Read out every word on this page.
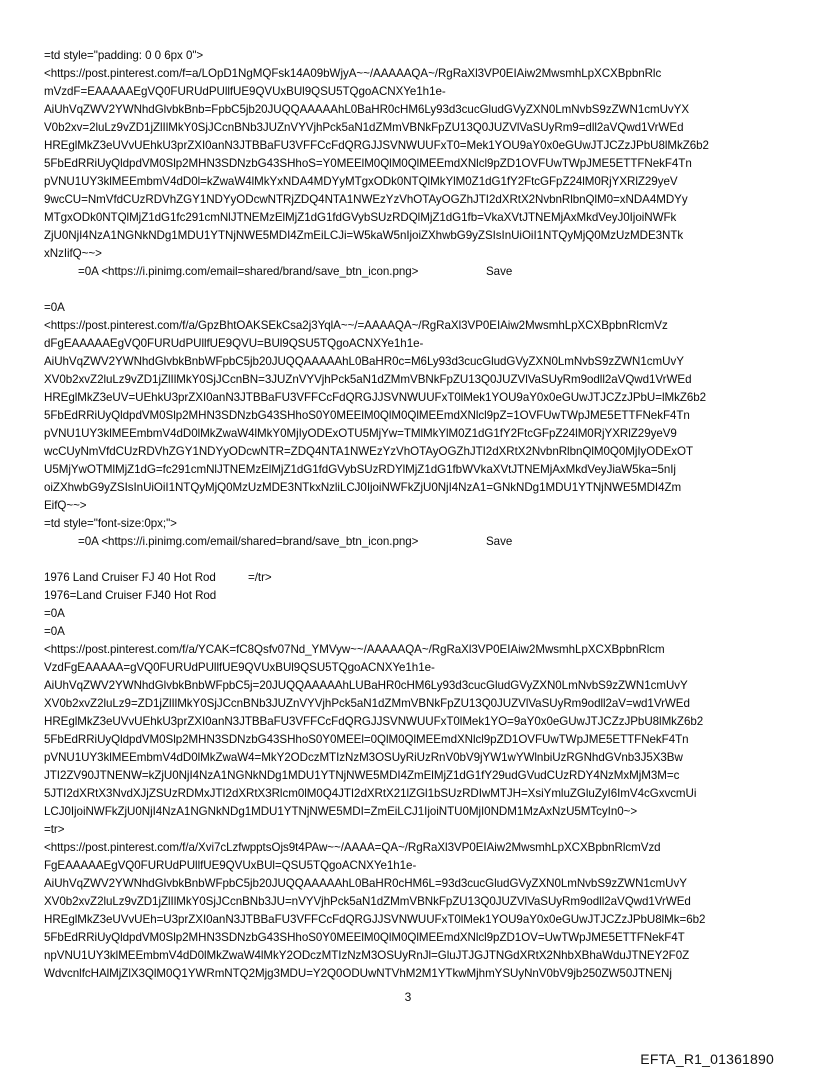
=td style="padding: 0 0 6px 0">
<https://post.pinterest.com/f=a/LOpD1NgMQFsk14A09bWjyA~~/AAAAAQA~/RgRaXl3VP0EIAiw2MwsmhLpXCXBpbnRlc
mVzdF=EAAAAAEgVQ0FURUdPUllfUE9QVUxBUl9QSU5TQgoACNXYe1h1e-
AiUhVqZWV2YWNhdGlvbkBnb=FpbC5jb20JUQQAAAAAhL0BaHR0cHM6Ly93d3cucGludGVyZXN0LmNvbS9zZWN1cmUvYX
V0b2xv=2luLz9vZD1jZlIlMkY0SjJCcnBNb3JUZnVYVjhPck5aN1dZMmVBNkFpZU13Q0JUZVlVaSUyRm9=dll2aVQwd1VrWEd
HREglMkZ3eUVvUEhkU3prZXI0anN3JTBBaFU3VFFCcFdQRGJJSVNWUUFxT0=Mek1YOU9aY0x0eGUwJTJCZzJPbU8lMkZ6b2
5FbEdRRiUyQldpdVM0Slp2MHN3SDNzbG43SHhoS=Y0MEElM0QlM0QlMEEmdXNlcl9pZD1OVFUwTWpJME5ETTFNekF4Tn
pVNU1UY3klMEEmbmV4dD0l=kZwaW4lMkYxNDA4MDYyMTgxODk0NTQlMkYlM0Z1dG1fY2FtcGFpZ24lM0RjYXRlZ29yeV
9wcCU=NmVfdCUzRDVhZGY1NDYyODcwNTRjZDQ4NTA1NWEzYzVhOTAyOGZhJTI2dXRtX2NvbnRlbnQlM0=xNDA4MDYy
MTgxODk0NTQlMjZ1dG1fc291cmNlJTNEMzElMjZ1dG1fdGVybSUzRDQlMjZ1dG1fb=VkaXVtJTNEMjAxMkdVeyJ0IjoiNWFk
ZjU0NjI4NzA1NGNkNDg1MDU1YTNjNWE5MDI4ZmEiLCJi=W5kaW5nIjoiZXhwbG9yZSIsInUiOiI1NTQyMjQ0MzUzMDE3NTk
xNzIifQ~~>
	=0A <https://i.pinimg.com/email=shared/brand/save_btn_icon.png>		Save

=0A
<https://post.pinterest.com/f/a/GpzBhtOAKSEkCsa2j3YqlA~~/=AAAAQA~/RgRaXl3VP0EIAiw2MwsmhLpXCXBpbnRlcmVz
dFgEAAAAAEgVQ0FURUdPUllfUE9QVU=BUl9QSU5TQgoACNXYe1h1e-
AiUhVqZWV2YWNhdGlvbkBnbWFpbC5jb20JUQQAAAAAhL0BaHR0c=M6Ly93d3cucGludGVyZXN0LmNvbS9zZWN1cmUvY
XV0b2xvZ2luLz9vZD1jZlIlMkY0SjJCcnBN=3JUZnVYVjhPck5aN1dZMmVBNkFpZU13Q0JUZVlVaSUyRm9odll2aVQwd1VrWEd
HREglMkZ3eUV=UEhkU3prZXI0anN3JTBBaFU3VFFCcFdQRGJJSVNWUUFxT0lMek1YOU9aY0x0eGUwJTJCZzJPbU=lMkZ6b2
5FbEdRRiUyQldpdVM0Slp2MHN3SDNzbG43SHhoS0Y0MEElM0QlM0QlMEEmdXNlcl9pZ=1OVFUwTWpJME5ETTFNekF4Tn
pVNU1UY3klMEEmbmV4dD0lMkZwaW4lMkY0MjIyODExOTU5MjYw=TMlMkYlM0Z1dG1fY2FtcGFpZ24lM0RjYXRlZ29yeV9
wcCUyNmVfdCUzRDVhZGY1NDYyODcwNTR=ZDQ4NTA1NWEzYzVhOTAyOGZhJTI2dXRtX2NvbnRlbnQlM0Q0MjIyODExOT
U5MjYwOTMlMjZ1dG=fc291cmNlJTNEMzElMjZ1dG1fdGVybSUzRDYlMjZ1dG1fbWVkaXVtJTNEMjAxMkdVeyJiaW5ka=5nIj
oiZXhwbG9yZSIsInUiOiI1NTQyMjQ0MzUzMDE3NTkxNzliLCJ0IjoiNWFkZjU0NjI4NzA1=GNkNDg1MDU1YTNjNWE5MDI4Zm
EifQ~~>
=td style="font-size:0px;">
	=0A <https://i.pinimg.com/email/shared=brand/save_btn_icon.png>		Save

1976 Land Cruiser FJ 40 Hot Rod	=/tr>
1976=Land Cruiser FJ40 Hot Rod
=0A
=0A
<https://post.pinterest.com/f/a/YCAK=fC8Qsfv07Nd_YMVyw~~/AAAAAQA~/RgRaXl3VP0EIAiw2MwsmhLpXCXBpbnRlcm
VzdFgEAAAAA=gVQ0FURUdPUllfUE9QVUxBUl9QSU5TQgoACNXYe1h1e-
AiUhVqZWV2YWNhdGlvbkBnbWFpbC5j=20JUQQAAAAAhLUBaHR0cHM6Ly93d3cucGludGVyZXN0LmNvbS9zZWN1cmUvY
XV0b2xvZ2luLz9=ZD1jZlIlMkY0SjJCcnBNb3JUZnVYVjhPck5aN1dZMmVBNkFpZU13Q0JUZVlVaSUyRm9odll2aV=wd1VrWEd
HREglMkZ3eUVvUEhkU3prZXI0anN3JTBBaFU3VFFCcFdQRGJJSVNWUUFxT0lMek1YO=9aY0x0eGUwJTJCZzJPbU8lMkZ6b2
5FbEdRRiUyQldpdVM0Slp2MHN3SDNzbG43SHhoS0Y0MEEl=0QlM0QlMEEmdXNlcl9pZD1OVFUwTWpJME5ETTFNekF4Tn
pVNU1UY3klMEEmbmV4dD0lMkZwaW4=MkY2ODczMTIzNzM3OSUyRiUzRnV0bV9jYW1wYWlnbiUzRGNhdGVnb3J5X3Bw
JTI2ZV90JTNENW=kZjU0NjI4NzA1NGNkNDg1MDU1YTNjNWE5MDI4ZmElMjZ1dG1fY29udGVudCUzRDY4NzMxMjM3M=c
5JTI2dXRtX3NvdXJjZSUzRDMxJTI2dXRtX3Rlcm0lM0Q4JTI2dXRtX21lZGl1bSUzRDIwMTJH=XsiYmluZGluZyI6ImV4cGxvcmUi
LCJ0IjoiNWFkZjU0NjI4NzA1NGNkNDg1MDU1YTNjNWE5MDI=ZmEiLCJ1IjoiNTU0MjI0NDM1MzAxNzU5MTcyIn0~>
=tr>
<https://post.pinterest.com/f/a/Xvi7cLzfwpptsOjs9t4PAw~~/AAAA=QA~/RgRaXl3VP0EIAiw2MwsmhLpXCXBpbnRlcmVzd
FgEAAAAAEgVQ0FURUdPUllfUE9QVUxBUl=QSU5TQgoACNXYe1h1e-
AiUhVqZWV2YWNhdGlvbkBnbWFpbC5jb20JUQQAAAAAhL0BaHR0cHM6L=93d3cucGludGVyZXN0LmNvbS9zZWN1cmUvY
XV0b2xvZ2luLz9vZD1jZlIlMkY0SjJCcnBNb3JU=nVYVjhPck5aN1dZMmVBNkFpZU13Q0JUZVlVaSUyRm9odll2aVQwd1VrWEd
HREglMkZ3eUVvUEh=U3prZXI0anN3JTBBaFU3VFFCcFdQRGJJSVNWUUFxT0lMek1YOU9aY0x0eGUwJTJCZzJPbU8lMk=6b2
5FbEdRRiUyQldpdVM0Slp2MHN3SDNzbG43SHhoS0Y0MEElM0QlM0QlMEEmdXNlcl9pZD1OV=UwTWpJME5ETTFNekF4T
npVNU1UY3klMEEmbmV4dD0lMkZwaW4lMkY2ODczMTIzNzM3OSUyRnJl=GluJTJGJTNGdXRtX2NhbXBhaWduJTNEY2F0Z
WdvcnlfcHAlMjZlX3QlM0Q1YWRmNTQ2Mjg3MDU=Y2Q0ODUwNTVhM2M1YTkwMjhmYSUyNnV0bV9jb250ZW50JTNENj
3
EFTA_R1_01361890
